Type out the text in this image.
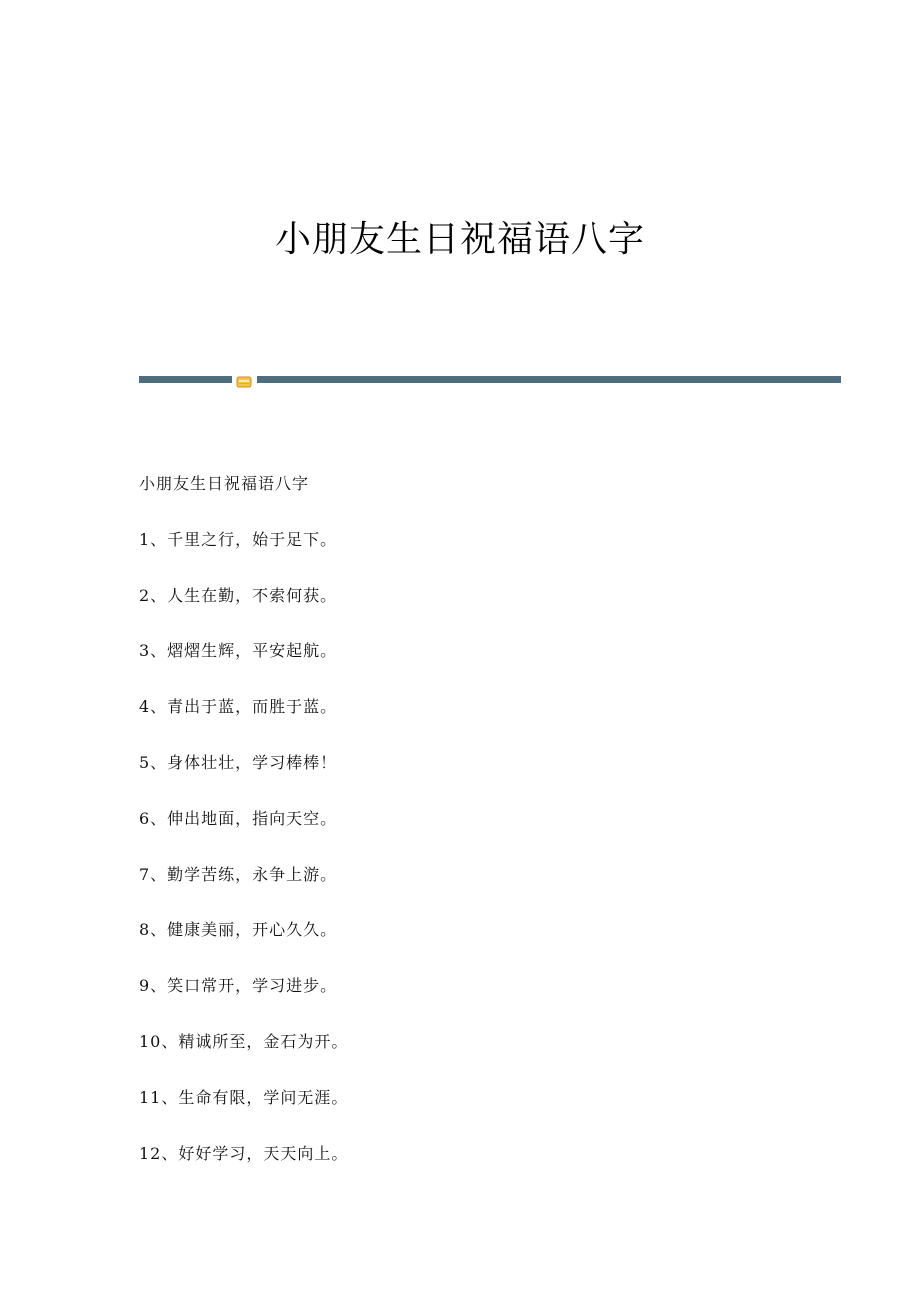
小朋友生日祝福语八字

小朋友生日祝福语八字

1、千里之行，始于足下。

2、人生在勤，不索何获。

3、熠熠生辉，平安起航。

4、青出于蓝，而胜于蓝。

5、身体壮壮，学习棒棒！

6、伸出地面，指向天空。

7、勤学苦练，永争上游。

8、健康美丽，开心久久。

9、笑口常开，学习进步。

10、精诚所至，金石为开。

11、生命有限，学问无涯。

12、好好学习，天天向上。
